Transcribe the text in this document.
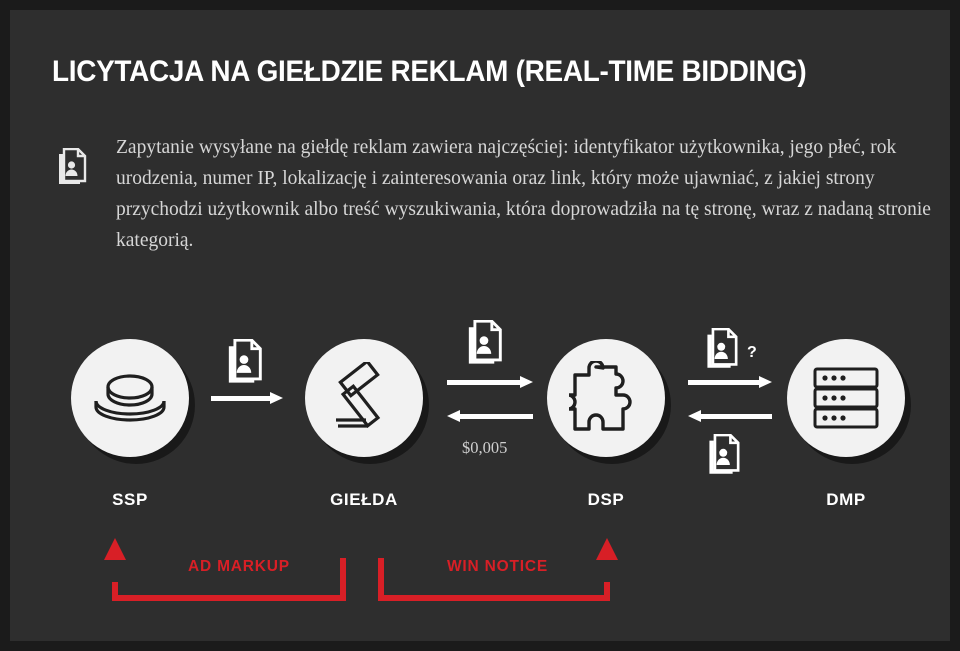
LICYTACJA NA GIEŁDZIE REKLAM (REAL-TIME BIDDING)
Zapytanie wysyłane na giełdę reklam zawiera najczęściej: identyfikator użytkownika, jego płeć, rok urodzenia, numer IP, lokalizację i zainteresowania oraz link, który może ujawniać, z jakiej strony przychodzi użytkownik albo treść wyszukiwania, która doprowadziła na tę stronę, wraz z nadaną stronie kategorią.
SSP	GIEŁDA
$0,005
DSP
?
DMP
AD MARKUP	WIN NOTICE
